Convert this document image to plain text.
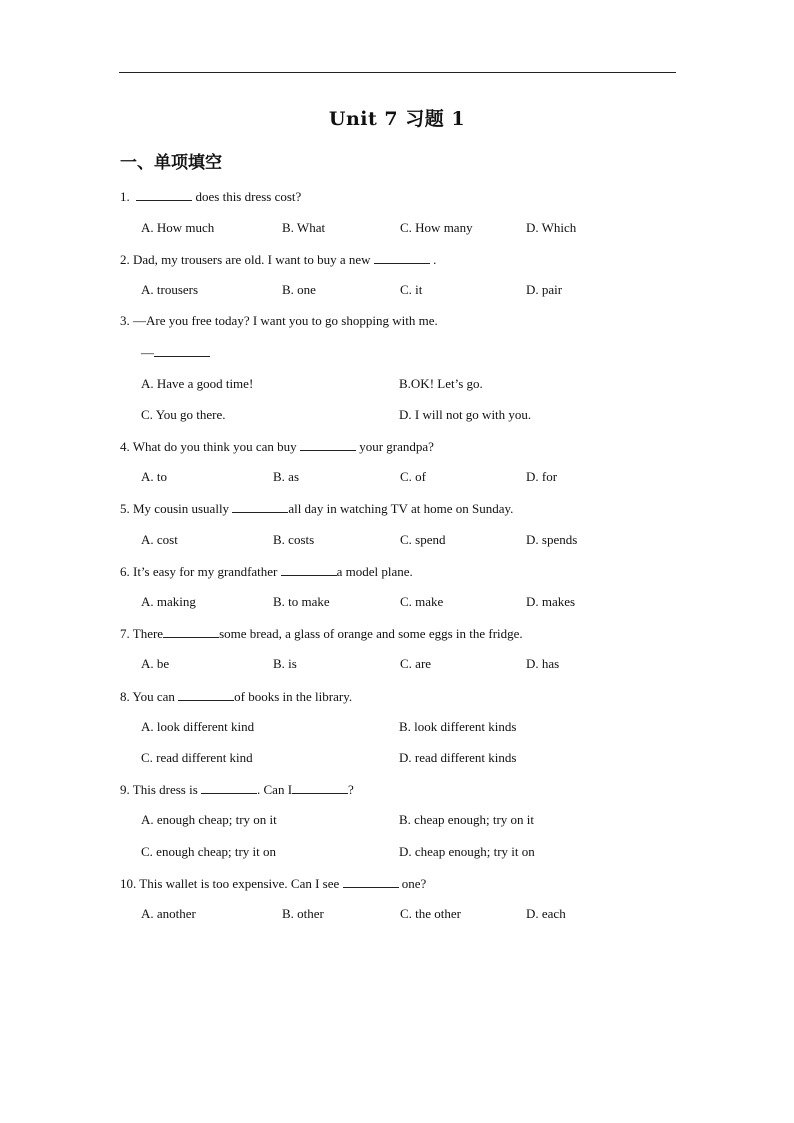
Unit 7 习题 1
一、单项填空
1.	does this dress cost?
A. How much	B. What	C. How many	D. Which
2. Dad, my trousers are old. I want to buy a new	.
A. trousers	B. one	C. it	D. pair
3. —Are you free today? I want you to go shopping with me.
—
A. Have a good time!	B.OK! Let’s go.
C. You go there.	D. I will not go with you.
4. What do you think you can buy	your grandpa?
A. to	B. as	C. of	D. for
5. My cousin usually	all day in watching TV at home on Sunday.
A. cost	B. costs	C. spend	D. spends
6. It’s easy for my grandfather	a model plane.
A. making	B. to make	C. make	D. makes
7. There	some bread, a glass of orange and some eggs in the fridge.
A. be	B. is	C. are	D. has
8. You can	of books in the library.
A. look different kind	B. look different kinds
C. read different kind	D. read different kinds
9. This dress is	. Can I	?
A. enough cheap; try on it	B. cheap enough; try on it
C. enough cheap; try it on	D. cheap enough; try it on
10. This wallet is too expensive. Can I see	one?
A. another	B. other	C. the other	D. each
